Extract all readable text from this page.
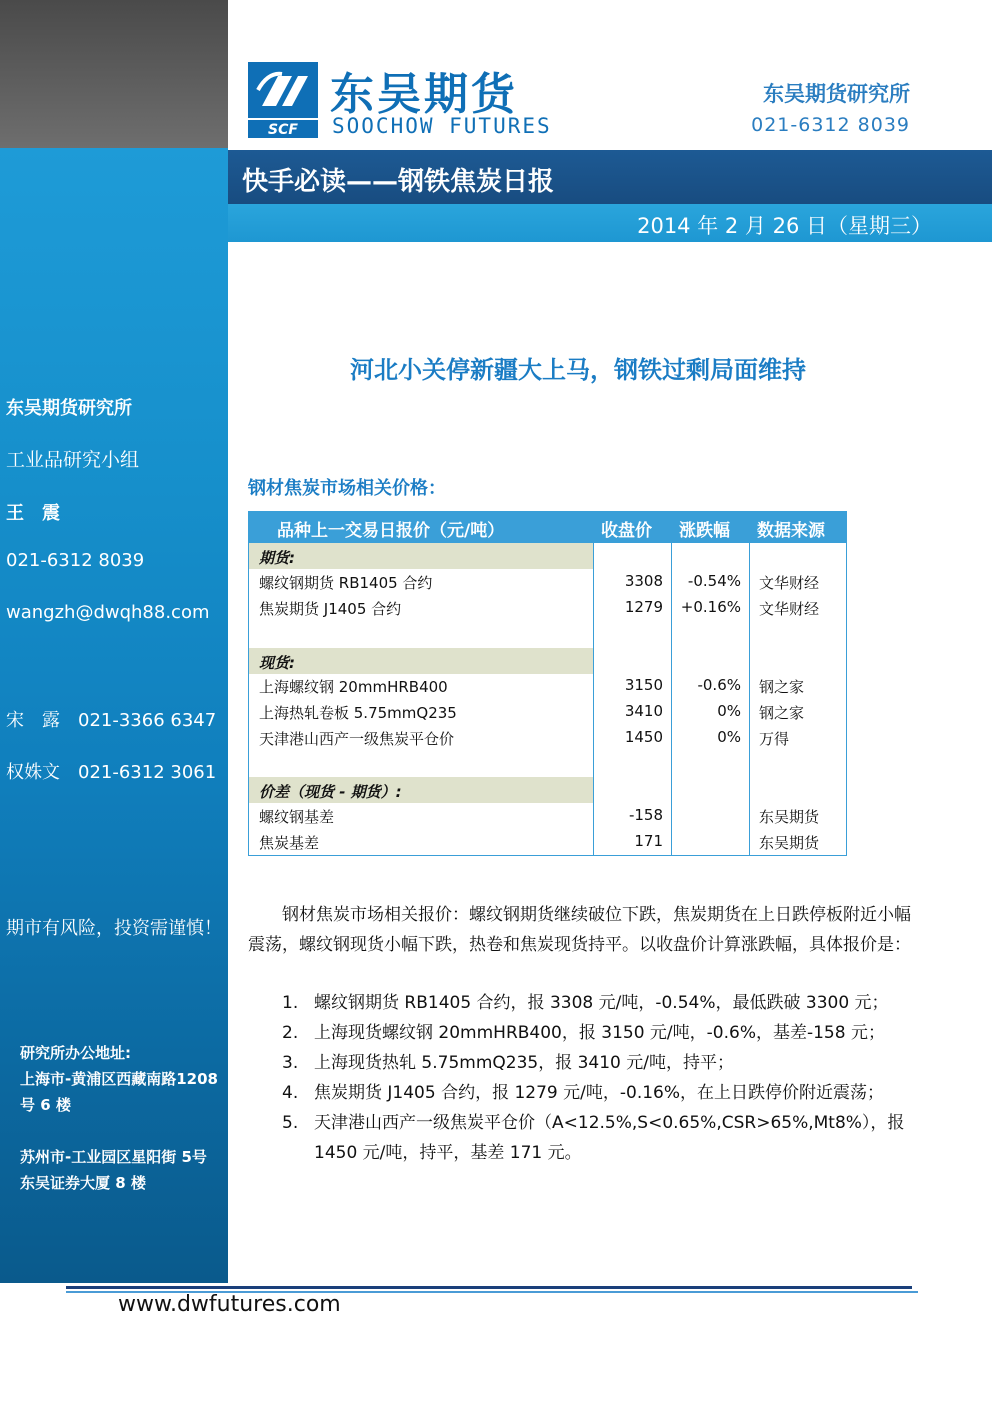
东吴期货研究所
工业品研究小组
王　震
021-6312 8039
wangzh@dwqh88.com
宋　露　021-3366 6347
权姝文　021-6312 3061
期市有风险，投资需谨慎！
研究所办公地址:
上海市-黄浦区西藏南路1208 号 6 楼
苏州市-工业园区星阳街 5号东吴证券大厦 8 楼
SCF
东吴期货
SOOCHOW FUTURES
东吴期货研究所
021-6312 8039
快手必读——钢铁焦炭日报
2014 年 2 月 26 日（星期三）
河北小关停新疆大上马，钢铁过剩局面维持
钢材焦炭市场相关价格：
品种上一交易日报价（元/吨）	收盘价 涨跌幅 数据来源
期货:
螺纹钢期货 RB1405 合约	3308	-0.54% 文华财经
焦炭期货 J1405 合约	1279	+0.16% 文华财经
现货:
上海螺纹钢 20mmHRB400	3150	-0.6% 钢之家
上海热轧卷板 5.75mmQ235	3410	0% 钢之家
天津港山西产一级焦炭平仓价	1450	0% 万得
价差（现货 - 期货）:
螺纹钢基差	-158	东吴期货
焦炭基差	171	东吴期货
钢材焦炭市场相关报价：螺纹钢期货继续破位下跌，焦炭期货在上日跌停板附近小幅震荡，螺纹钢现货小幅下跌，热卷和焦炭现货持平。以收盘价计算涨跌幅，具体报价是：
1. 螺纹钢期货 RB1405 合约，报 3308 元/吨，-0.54%，最低跌破 3300 元；
2. 上海现货螺纹钢 20mmHRB400，报 3150 元/吨，-0.6%，基差-158 元；
3. 上海现货热轧 5.75mmQ235，报 3410 元/吨，持平；
4. 焦炭期货 J1405 合约，报 1279 元/吨，-0.16%，在上日跌停价附近震荡；
5. 天津港山西产一级焦炭平仓价（A<12.5%,S<0.65%,CSR>65%,Mt8%），报 1450 元/吨，持平，基差 171 元。
www.dwfutures.com
